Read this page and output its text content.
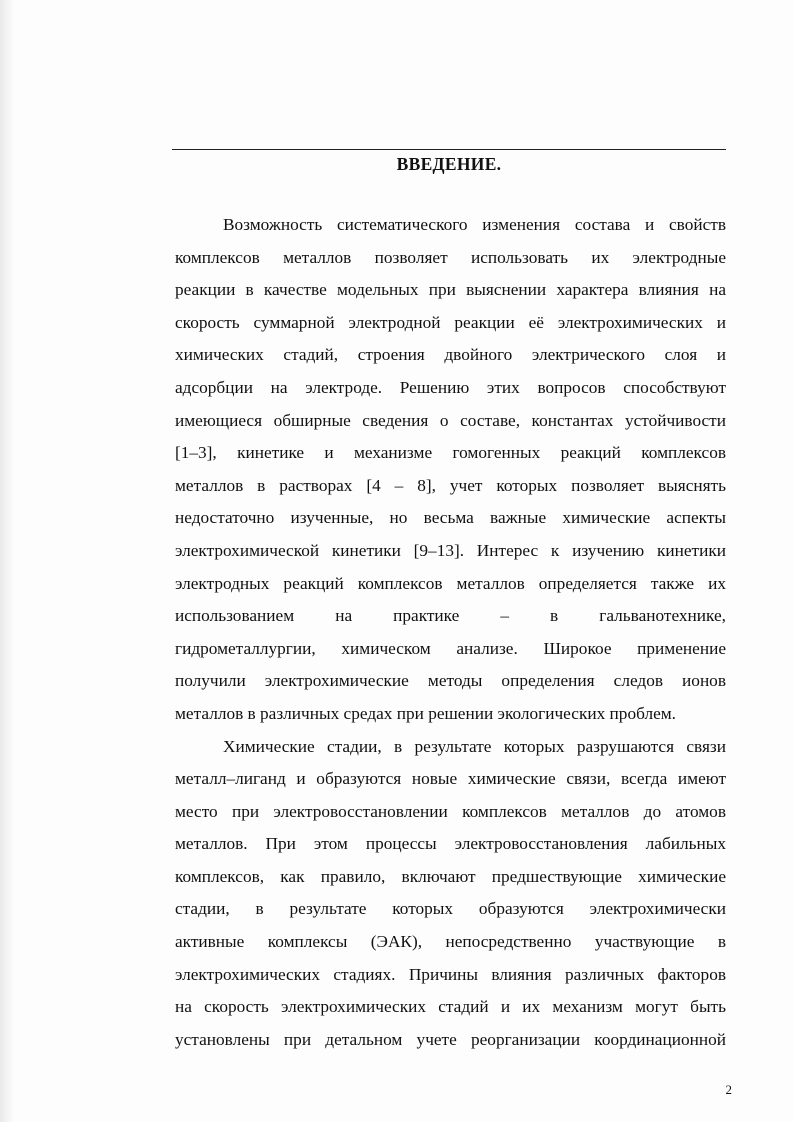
ВВЕДЕНИЕ.

Возможность систематического изменения состава и свойств
комплексов металлов позволяет использовать их электродные
реакции в качестве модельных при выяснении характера влияния на
скорость суммарной электродной реакции её электрохимических и
химических стадий, строения двойного электрического слоя и
адсорбции на электроде. Решению этих вопросов способствуют
имеющиеся обширные сведения о составе, константах устойчивости
[1–3], кинетике и механизме гомогенных реакций комплексов
металлов в растворах [4 – 8], учет которых позволяет выяснять
недостаточно изученные, но весьма важные химические аспекты
электрохимической кинетики [9–13]. Интерес к изучению кинетики
электродных реакций комплексов металлов определяется также их
использованием на практике – в гальванотехнике,
гидрометаллургии, химическом анализе. Широкое применение
получили электрохимические методы определения следов ионов
металлов в различных средах при решении экологических проблем.

Химические стадии, в результате которых разрушаются связи
металл–лиганд и образуются новые химические связи, всегда имеют
место при электровосстановлении комплексов металлов до атомов
металлов. При этом процессы электровосстановления лабильных
комплексов, как правило, включают предшествующие химические
стадии, в результате которых образуются электрохимически
активные комплексы (ЭАК), непосредственно участвующие в
электрохимических стадиях. Причины влияния различных факторов
на скорость электрохимических стадий и их механизм могут быть
установлены при детальном учете реорганизации координационной

2
